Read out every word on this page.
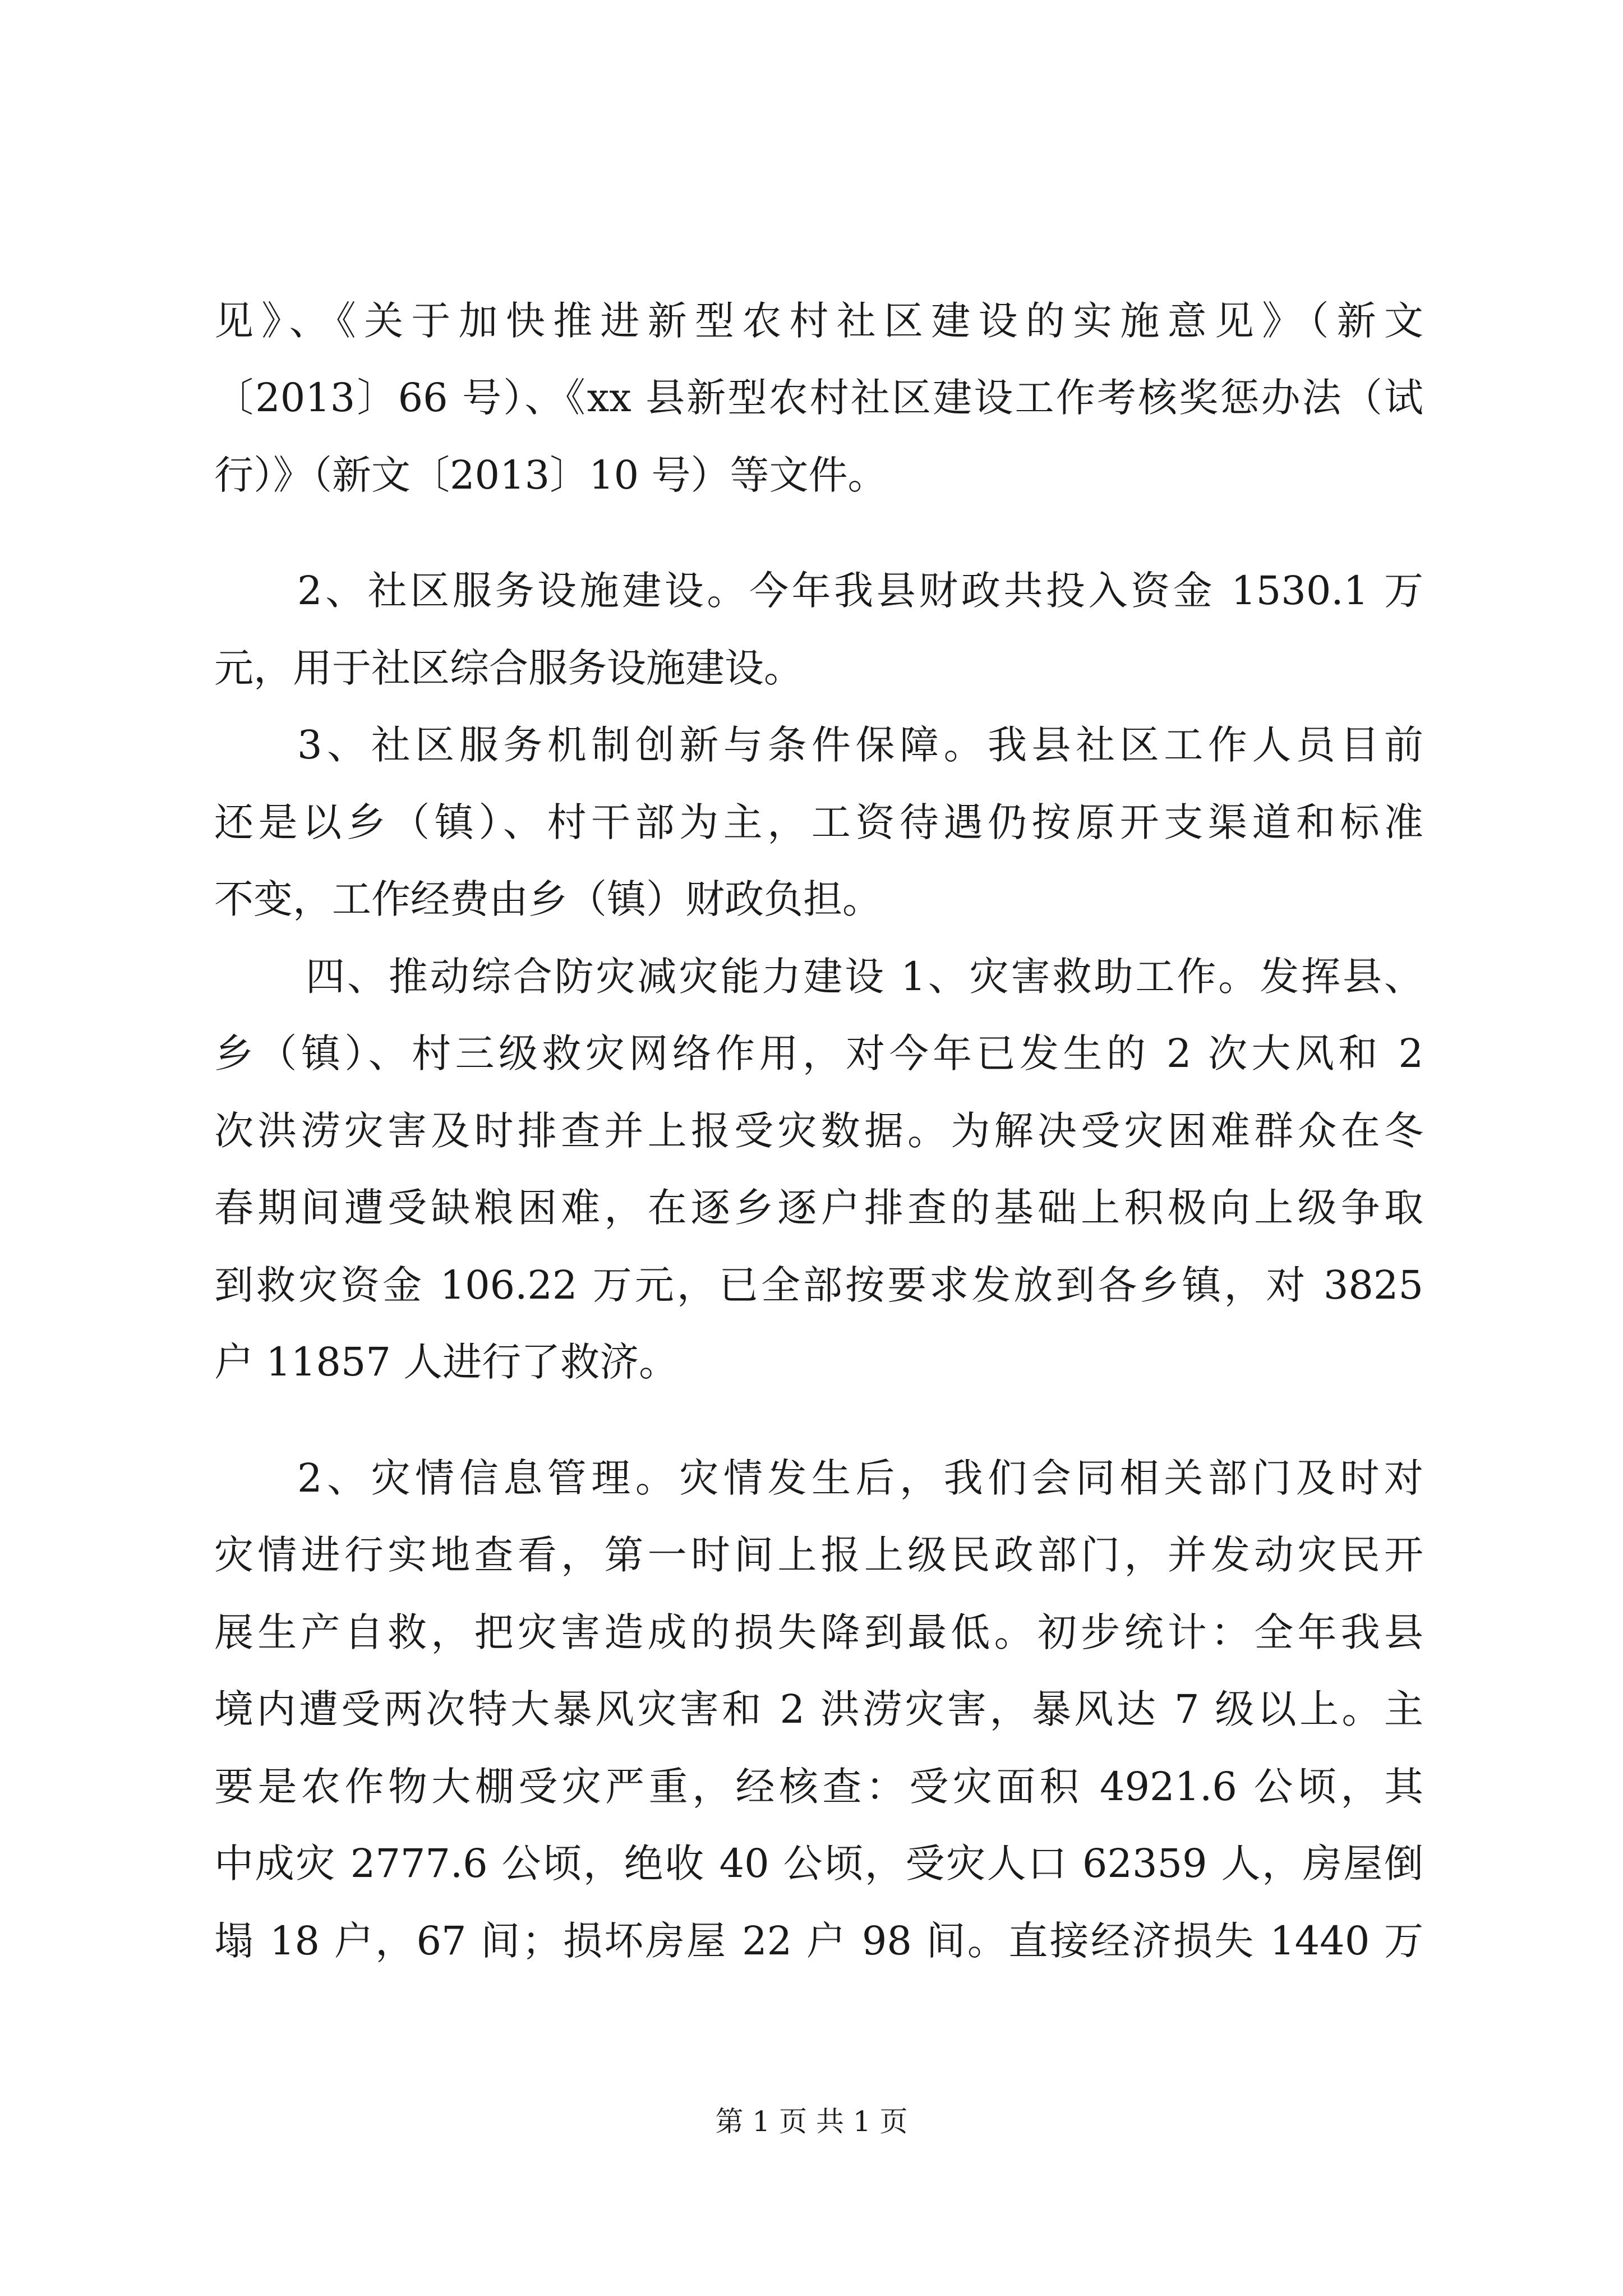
见》、《关于加快推进新型农村社区建设的实施意见》（新文
〔2013〕66 号）、《xx 县新型农村社区建设工作考核奖惩办法（试
行）》（新文〔2013〕10 号）等文件。
2、社区服务设施建设。今年我县财政共投入资金 1530.1 万
元，用于社区综合服务设施建设。
3、社区服务机制创新与条件保障。我县社区工作人员目前
还是以乡（镇）、村干部为主，工资待遇仍按原开支渠道和标准
不变，工作经费由乡（镇）财政负担。
四、推动综合防灾减灾能力建设 1、灾害救助工作。发挥县、
乡（镇）、村三级救灾网络作用，对今年已发生的 2 次大风和 2
次洪涝灾害及时排查并上报受灾数据。为解决受灾困难群众在冬
春期间遭受缺粮困难，在逐乡逐户排查的基础上积极向上级争取
到救灾资金 106.22 万元，已全部按要求发放到各乡镇，对 3825
户 11857 人进行了救济。
2、灾情信息管理。灾情发生后，我们会同相关部门及时对
灾情进行实地查看，第一时间上报上级民政部门，并发动灾民开
展生产自救，把灾害造成的损失降到最低。初步统计：全年我县
境内遭受两次特大暴风灾害和 2 洪涝灾害，暴风达 7 级以上。主
要是农作物大棚受灾严重，经核查：受灾面积 4921.6 公顷，其
中成灾 2777.6 公顷，绝收 40 公顷，受灾人口 62359 人，房屋倒
塌 18 户，67 间；损坏房屋 22 户 98 间。直接经济损失 1440 万
第 1 页 共 1 页
